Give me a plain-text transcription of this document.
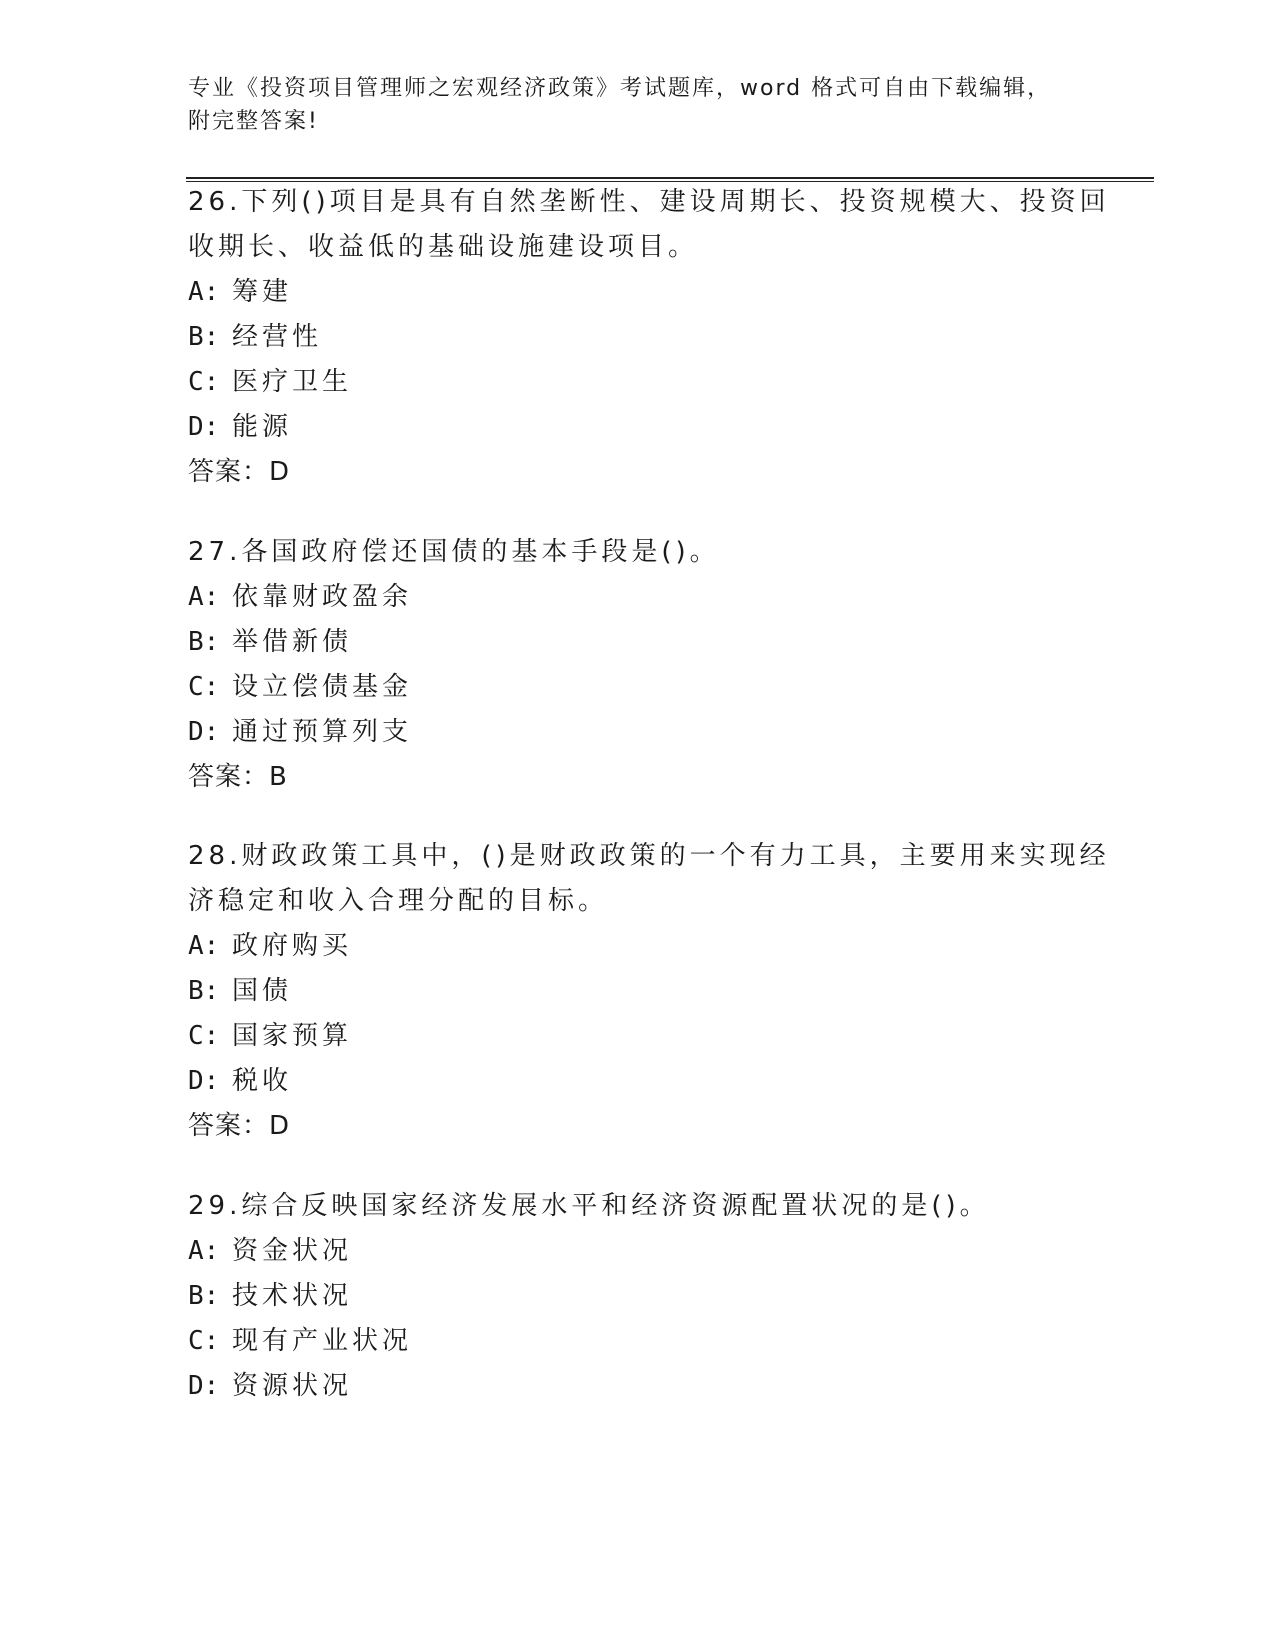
专业《投资项目管理师之宏观经济政策》考试题库，word 格式可自由下载编辑，
附完整答案!
26.下列()项目是具有自然垄断性、建设周期长、投资规模大、投资回
收期长、收益低的基础设施建设项目。
A: 筹建
B: 经营性
C: 医疗卫生
D: 能源
答案：D
27.各国政府偿还国债的基本手段是()。
A: 依靠财政盈余
B: 举借新债
C: 设立偿债基金
D: 通过预算列支
答案：B
28.财政政策工具中，()是财政政策的一个有力工具，主要用来实现经
济稳定和收入合理分配的目标。
A: 政府购买
B: 国债
C: 国家预算
D: 税收
答案：D
29.综合反映国家经济发展水平和经济资源配置状况的是()。
A: 资金状况
B: 技术状况
C: 现有产业状况
D: 资源状况
